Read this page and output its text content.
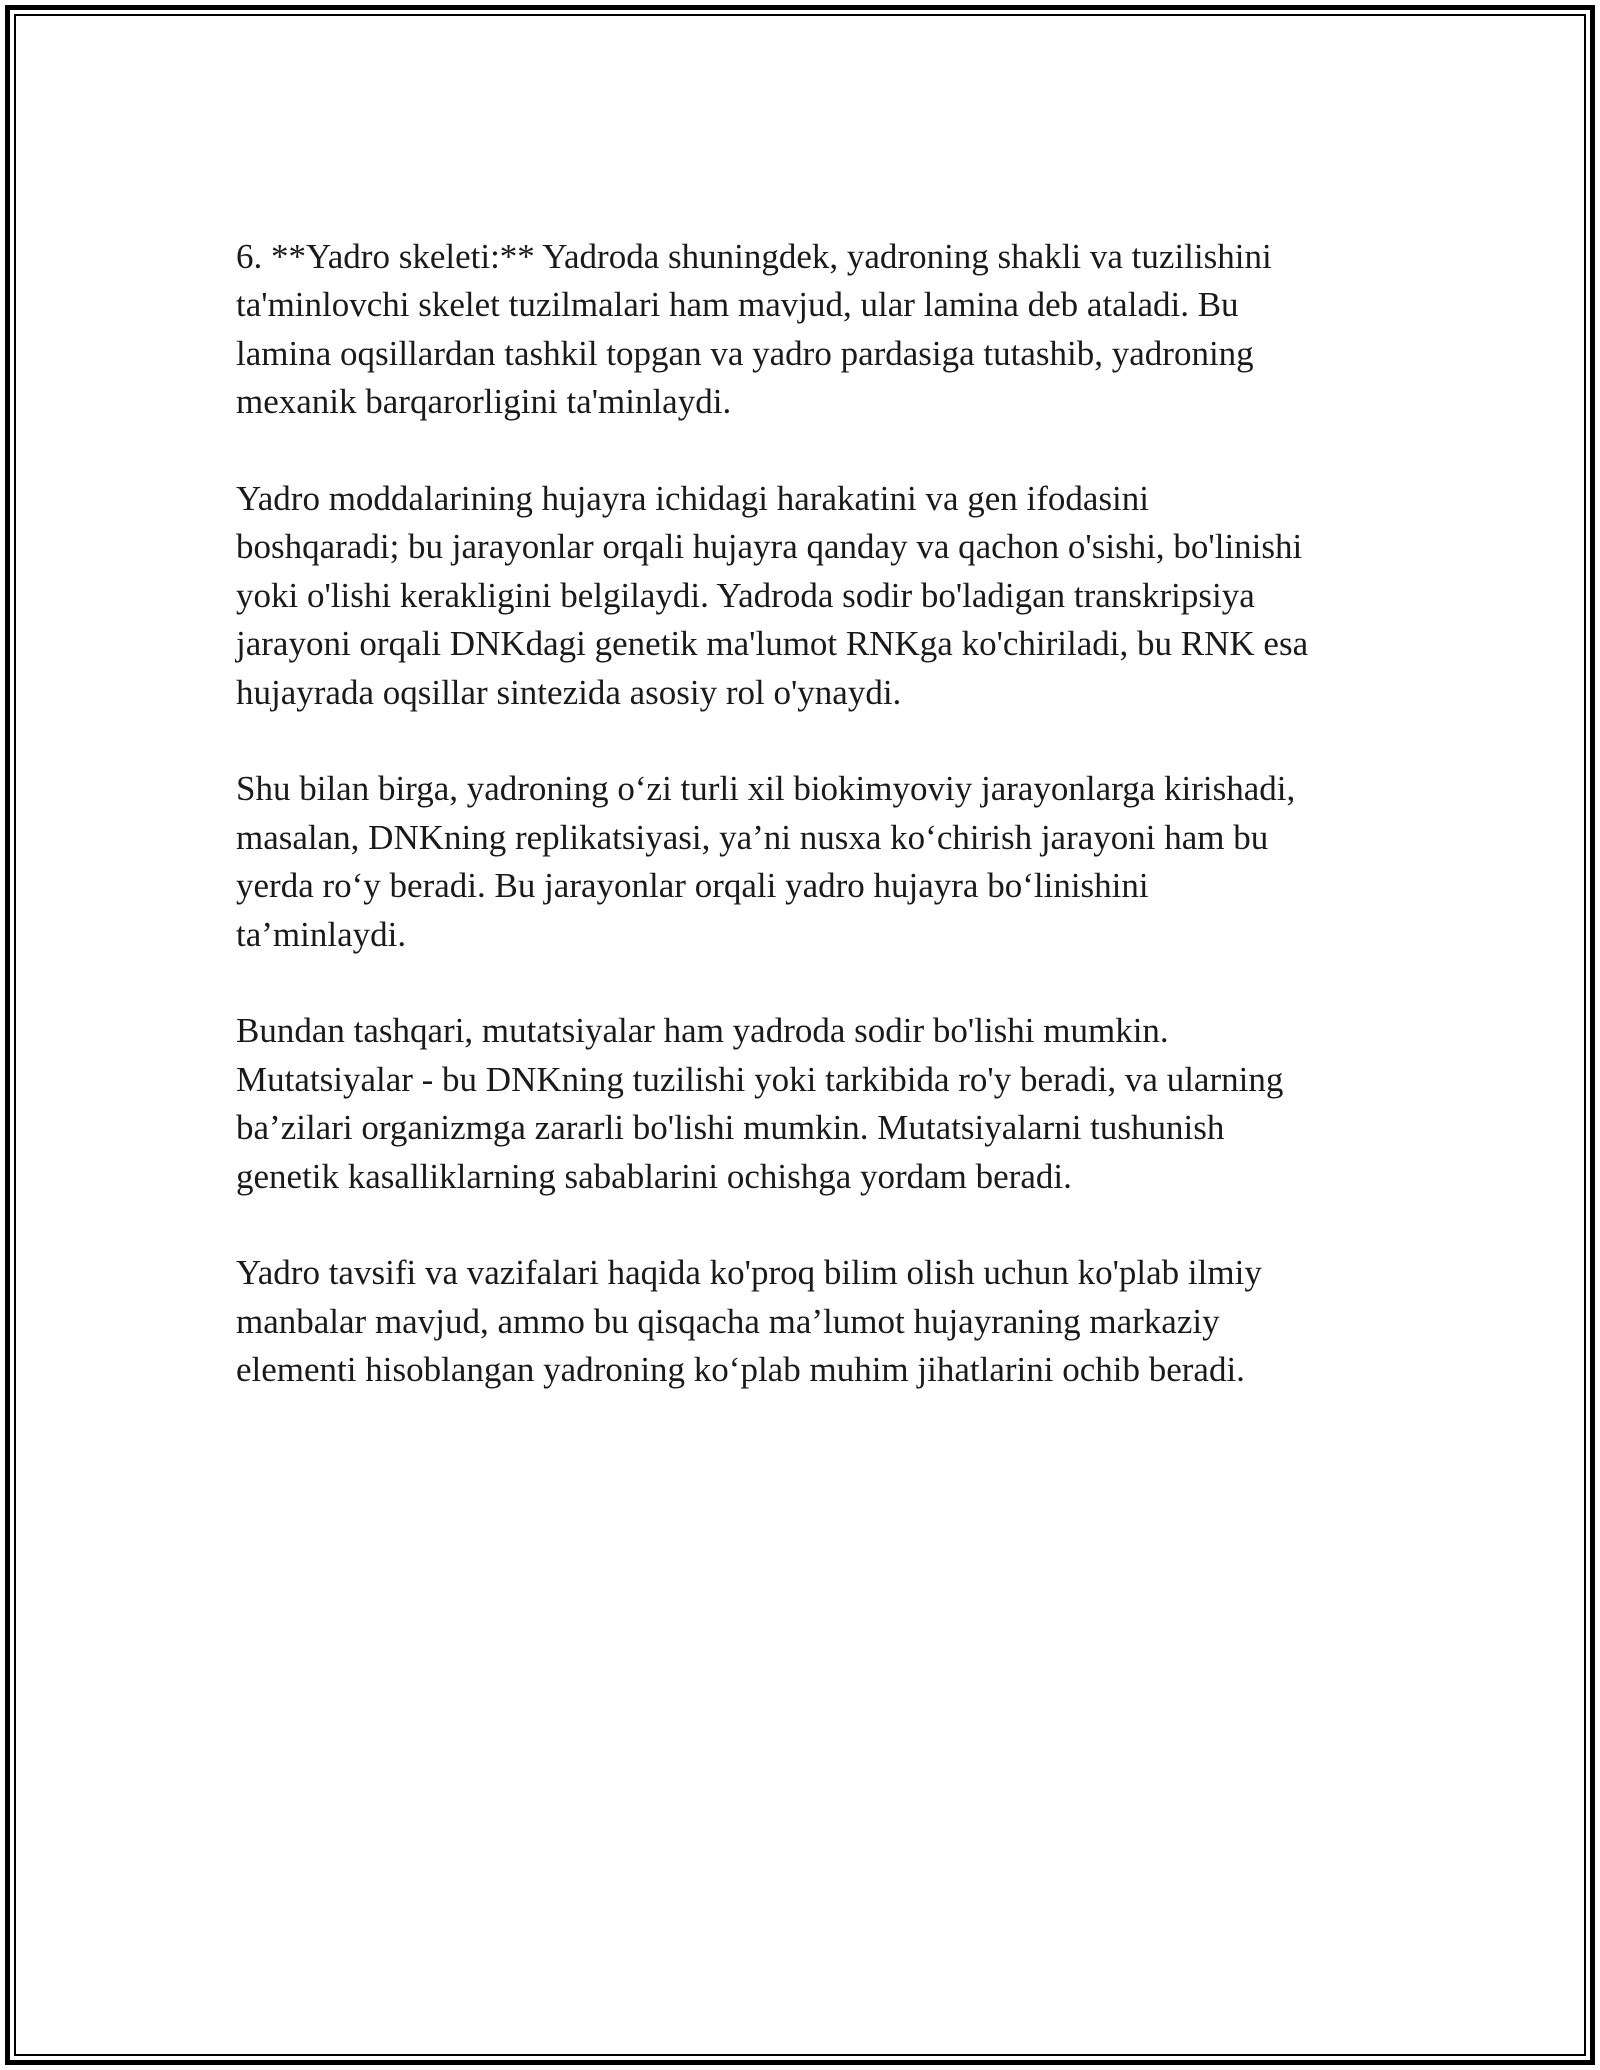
6. **Yadro skeleti:** Yadroda shuningdek, yadroning shakli va tuzilishini
ta'minlovchi skelet tuzilmalari ham mavjud, ular lamina deb ataladi. Bu
lamina oqsillardan tashkil topgan va yadro pardasiga tutashib, yadroning
mexanik barqarorligini ta'minlaydi.

Yadro moddalarining hujayra ichidagi harakatini va gen ifodasini
boshqaradi; bu jarayonlar orqali hujayra qanday va qachon o'sishi, bo'linishi
yoki o'lishi kerakligini belgilaydi. Yadroda sodir bo'ladigan transkripsiya
jarayoni orqali DNKdagi genetik ma'lumot RNKga ko'chiriladi, bu RNK esa
hujayrada oqsillar sintezida asosiy rol o'ynaydi.

Shu bilan birga, yadroning o‘zi turli xil biokimyoviy jarayonlarga kirishadi,
masalan, DNKning replikatsiyasi, ya’ni nusxa ko‘chirish jarayoni ham bu
yerda ro‘y beradi. Bu jarayonlar orqali yadro hujayra bo‘linishini
ta’minlaydi.

Bundan tashqari, mutatsiyalar ham yadroda sodir bo'lishi mumkin.
Mutatsiyalar - bu DNKning tuzilishi yoki tarkibida ro'y beradi, va ularning
ba’zilari organizmga zararli bo'lishi mumkin. Mutatsiyalarni tushunish
genetik kasalliklarning sabablarini ochishga yordam beradi.

Yadro tavsifi va vazifalari haqida ko'proq bilim olish uchun ko'plab ilmiy
manbalar mavjud, ammo bu qisqacha ma’lumot hujayraning markaziy
elementi hisoblangan yadroning ko‘plab muhim jihatlarini ochib beradi.
